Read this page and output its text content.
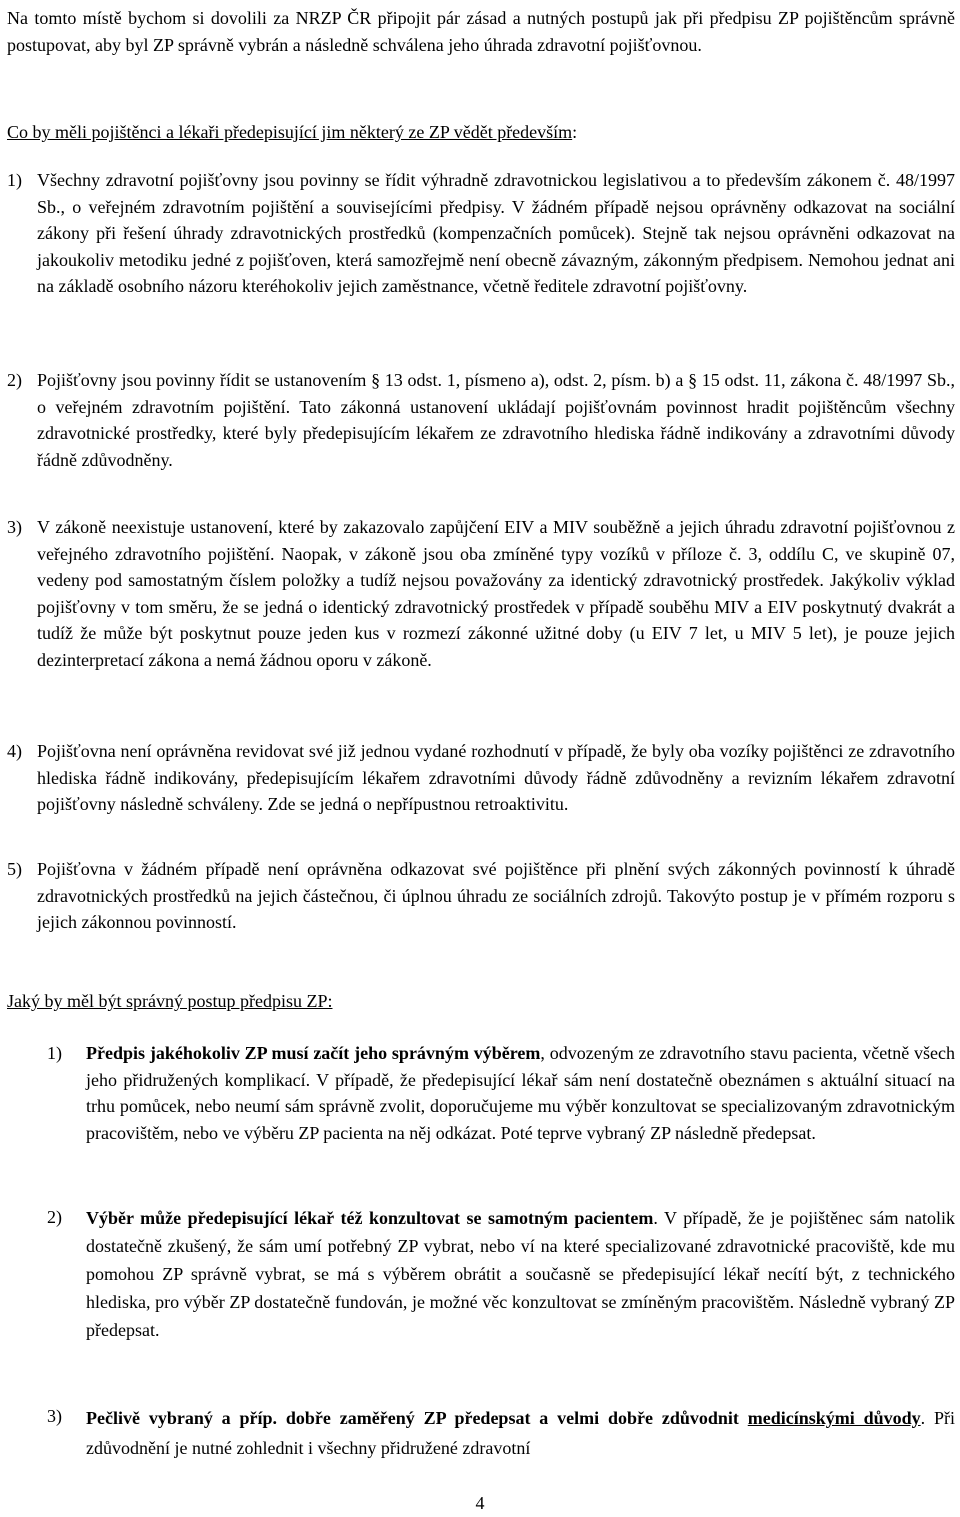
Na tomto místě bychom si dovolili za NRZP ČR připojit pár zásad a nutných postupů jak při předpisu ZP pojištěncům správně postupovat, aby byl ZP správně vybrán a následně schválena jeho úhrada zdravotní pojišťovnou.

Co by měli pojištěnci a lékaři předepisující jim některý ze ZP vědět především:

1) Všechny zdravotní pojišťovny jsou povinny se řídit výhradně zdravotnickou legislativou a to především zákonem č. 48/1997 Sb., o veřejném zdravotním pojištění a souvisejícími předpisy. V žádném případě nejsou oprávněny odkazovat na sociální zákony při řešení úhrady zdravotnických prostředků (kompenzačních pomůcek). Stejně tak nejsou oprávněni odkazovat na jakoukoliv metodiku jedné z pojišťoven, která samozřejmě není obecně závazným, zákonným předpisem. Nemohou jednat ani na základě osobního názoru kteréhokoliv jejich zaměstnance, včetně ředitele zdravotní pojišťovny.

2) Pojišťovny jsou povinny řídit se ustanovením § 13 odst. 1, písmeno a), odst. 2, písm. b) a § 15 odst. 11, zákona č. 48/1997 Sb., o veřejném zdravotním pojištění. Tato zákonná ustanovení ukládají pojišťovnám povinnost hradit pojištěncům všechny zdravotnické prostředky, které byly předepisujícím lékařem ze zdravotního hlediska řádně indikovány a zdravotními důvody řádně zdůvodněny.

3) V zákoně neexistuje ustanovení, které by zakazovalo zapůjčení EIV a MIV souběžně a jejich úhradu zdravotní pojišťovnou z veřejného zdravotního pojištění. Naopak, v zákoně jsou oba zmíněné typy vozíků v příloze č. 3, oddílu C, ve skupině 07, vedeny pod samostatným číslem položky a tudíž nejsou považovány za identický zdravotnický prostředek. Jakýkoliv výklad pojišťovny v tom směru, že se jedná o identický zdravotnický prostředek v případě souběhu MIV a EIV poskytnutý dvakrát a tudíž že může být poskytnut pouze jeden kus v rozmezí zákonné užitné doby (u EIV 7 let, u MIV 5 let), je pouze jejich dezinterpretací zákona a nemá žádnou oporu v zákoně.

4) Pojišťovna není oprávněna revidovat své již jednou vydané rozhodnutí v případě, že byly oba vozíky pojištěnci ze zdravotního hlediska řádně indikovány, předepisujícím lékařem zdravotními důvody řádně zdůvodněny a revizním lékařem zdravotní pojišťovny následně schváleny. Zde se jedná o nepřípustnou retroaktivitu.

5) Pojišťovna v žádném případě není oprávněna odkazovat své pojištěnce při plnění svých zákonných povinností k úhradě zdravotnických prostředků na jejich částečnou, či úplnou úhradu ze sociálních zdrojů. Takovýto postup je v přímém rozporu s jejich zákonnou povinností.

Jaký by měl být správný postup předpisu ZP:

1)	Předpis jakéhokoliv ZP musí začít jeho správným výběrem, odvozeným ze zdravotního stavu pacienta, včetně všech jeho přidružených komplikací. V případě, že předepisující lékař sám není dostatečně obeznámen s aktuální situací na trhu pomůcek, nebo neumí sám správně zvolit, doporučujeme mu výběr konzultovat se specializovaným zdravotnickým pracovištěm, nebo ve výběru ZP pacienta na něj odkázat. Poté teprve vybraný ZP následně předepsat.

2)	Výběr může předepisující lékař též konzultovat se samotným pacientem. V případě, že je pojištěnec sám natolik dostatečně zkušený, že sám umí potřebný ZP vybrat, nebo ví na které specializované zdravotnické pracoviště, kde mu pomohou ZP správně vybrat, se má s výběrem obrátit a současně se předepisující lékař necítí být, z technického hlediska, pro výběr ZP dostatečně fundován, je možné věc konzultovat se zmíněným pracovištěm. Následně vybraný ZP předepsat.

3)	Pečlivě vybraný a příp. dobře zaměřený ZP předepsat a velmi dobře zdůvodnit medicínskými důvody. Při zdůvodnění je nutné zohlednit i všechny přidružené zdravotní

4
